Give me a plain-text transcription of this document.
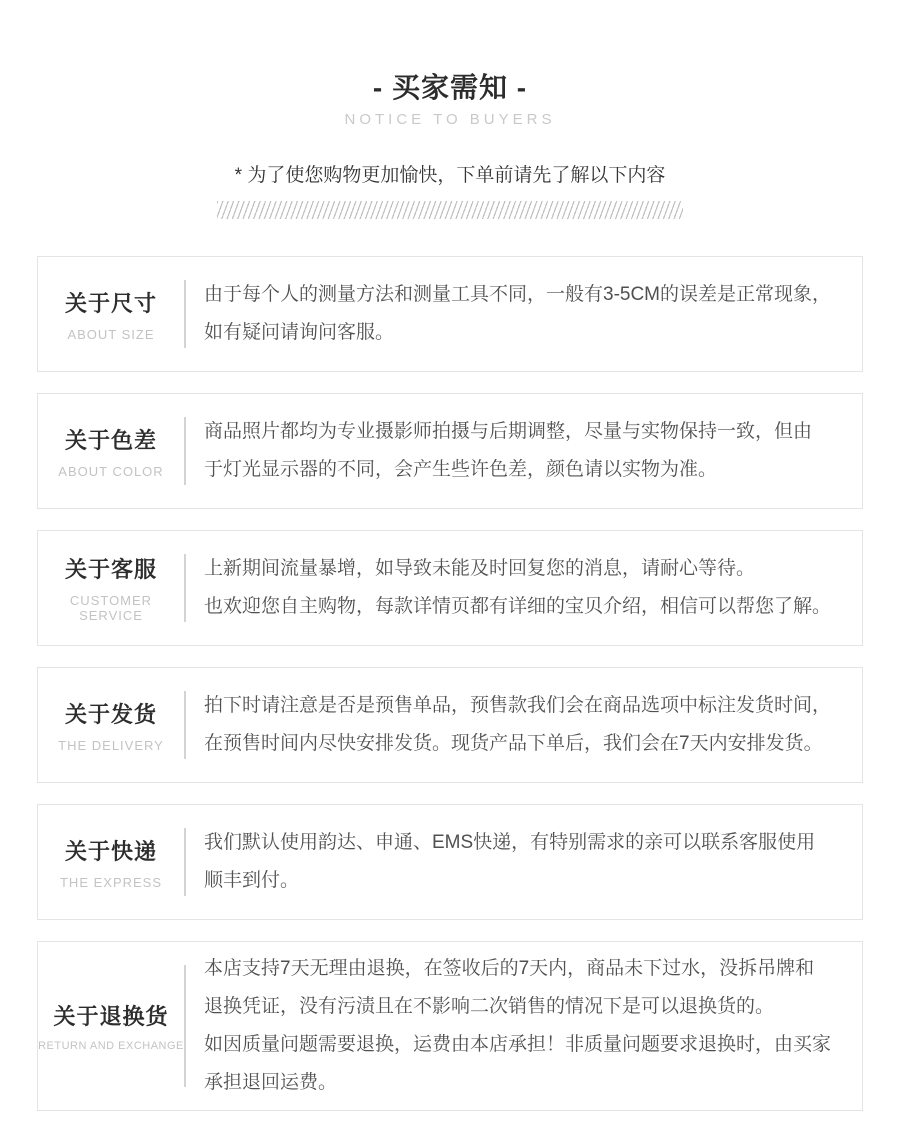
- 买家需知 -
NOTICE TO BUYERS
* 为了使您购物更加愉快，下单前请先了解以下内容
关于尺寸
ABOUT SIZE
由于每个人的测量方法和测量工具不同，一般有3-5CM的误差是正常现象，
如有疑问请询问客服。
关于色差
ABOUT COLOR
商品照片都均为专业摄影师拍摄与后期调整，尽量与实物保持一致，但由
于灯光显示器的不同，会产生些许色差，颜色请以实物为准。
关于客服
CUSTOMER SERVICE
上新期间流量暴增，如导致未能及时回复您的消息，请耐心等待。
也欢迎您自主购物，每款详情页都有详细的宝贝介绍，相信可以帮您了解。
关于发货
THE DELIVERY
拍下时请注意是否是预售单品，预售款我们会在商品选项中标注发货时间，
在预售时间内尽快安排发货。现货产品下单后，我们会在7天内安排发货。
关于快递
THE EXPRESS
我们默认使用韵达、申通、EMS快递，有特别需求的亲可以联系客服使用
顺丰到付。
关于退换货
RETURN AND EXCHANGE
本店支持7天无理由退换，在签收后的7天内，商品未下过水，没拆吊牌和
退换凭证，没有污渍且在不影响二次销售的情况下是可以退换货的。
如因质量问题需要退换，运费由本店承担！非质量问题要求退换时，由买家
承担退回运费。
